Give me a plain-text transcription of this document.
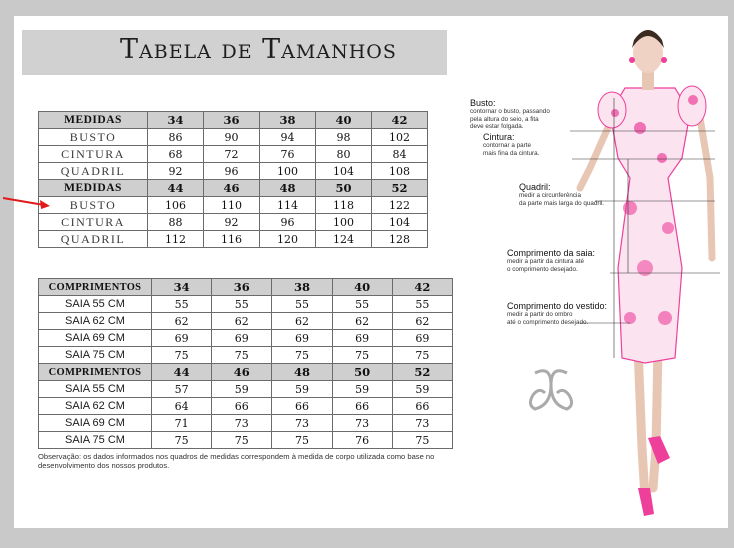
Tabela de Tamanhos
MEDIDAS	34	36	38	40	42
BUSTO	86	90	94	98	102
CINTURA	68	72	76	80	84
QUADRIL	92	96	100	104	108
MEDIDAS	44	46	48	50	52
BUSTO	106	110	114	118	122
CINTURA	88	92	96	100	104
QUADRIL	112	116	120	124	128
COMPRIMENTOS	34	36	38	40	42
SAIA 55 CM	55	55	55	55	55
SAIA 62 CM	62	62	62	62	62
SAIA 69 CM	69	69	69	69	69
SAIA 75 CM	75	75	75	75	75
COMPRIMENTOS	44	46	48	50	52
SAIA 55 CM	57	59	59	59	59
SAIA 62 CM	64	66	66	66	66
SAIA 69 CM	71	73	73	73	73
SAIA 75 CM	75	75	75	76	75
Observação: os dados informados nos quadros de medidas correspondem à medida de corpo utilizada como base no desenvolvimento dos nossos produtos.
Busto:
contornar o busto, passando
pela altura do seio, a fita
deve estar folgada.
Cintura:
contornar a parte
mais fina da cintura.
Quadril:
medir a circunferência
da parte mais larga do quadril.
Comprimento da saia:
medir a partir da cintura até
o comprimento desejado.
Comprimento do vestido:
medir a partir do ombro
até o comprimento desejado.
